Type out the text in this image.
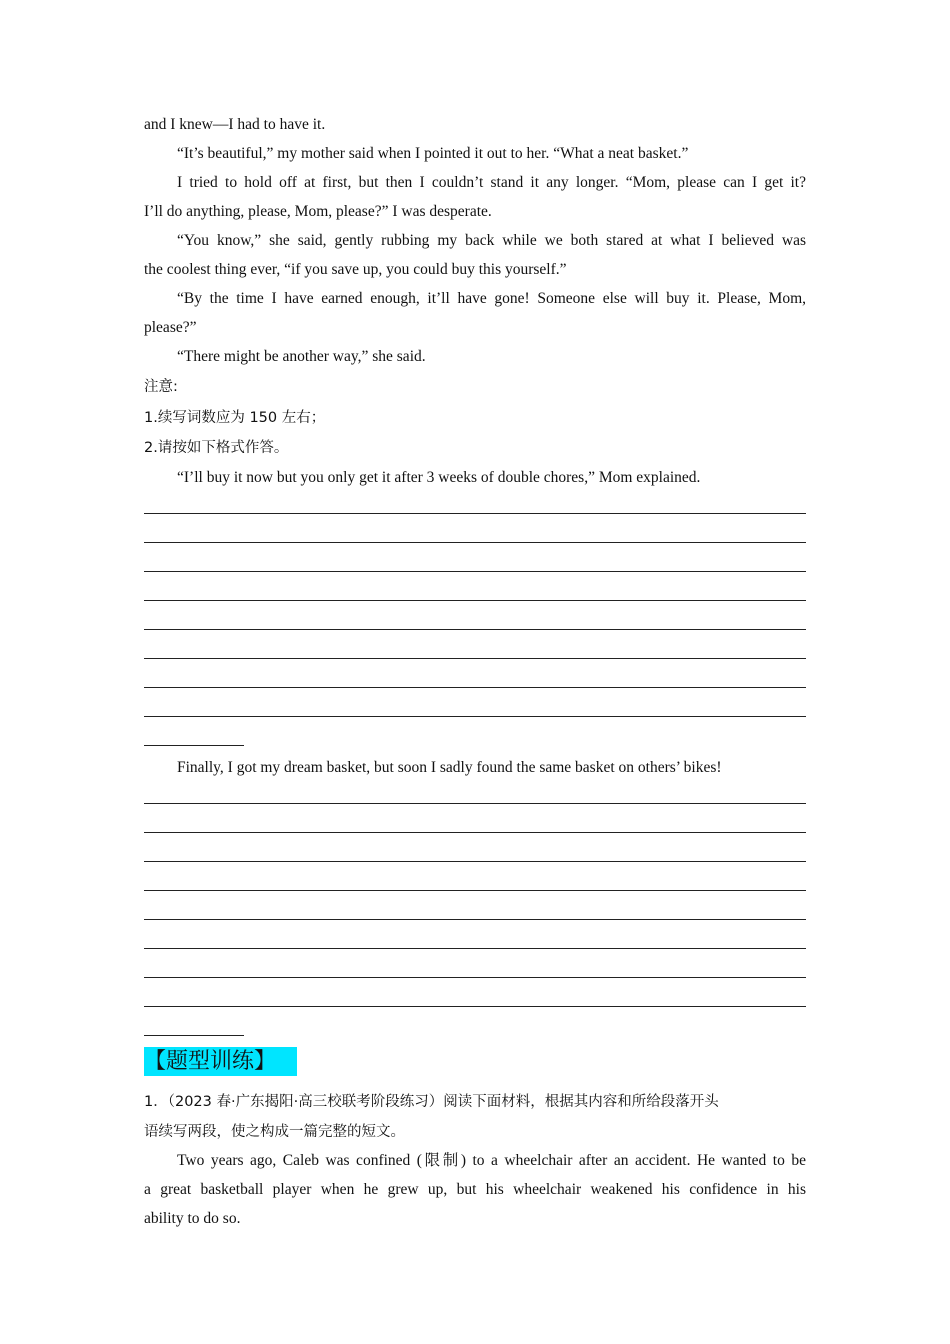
and I knew—I had to have it.
“It’s beautiful,” my mother said when I pointed it out to her. “What a neat basket.”
I tried to hold off at first, but then I couldn’t stand it any longer. “Mom, please can I get it?
I’ll do anything, please, Mom, please?” I was desperate.
“You know,” she said, gently rubbing my back while we both stared at what I believed was
the coolest thing ever, “if you save up, you could buy this yourself.”
“By the time I have earned enough, it’ll have gone! Someone else will buy it. Please, Mom,
please?”
“There might be another way,” she said.
注意:
1.续写词数应为 150 左右；
2.请按如下格式作答。
“I’ll buy it now but you only get it after 3 weeks of double chores,” Mom explained.
Finally, I got my dream basket, but soon I sadly found the same basket on others’ bikes!
【题型训练】
1．（2023 春·广东揭阳·高三校联考阶段练习）阅读下面材料，根据其内容和所给段落开头
语续写两段，使之构成一篇完整的短文。
Two years ago, Caleb was confined (限制) to a wheelchair after an accident. He wanted to be
a great basketball player when he grew up, but his wheelchair weakened his confidence in his
ability to do so.
